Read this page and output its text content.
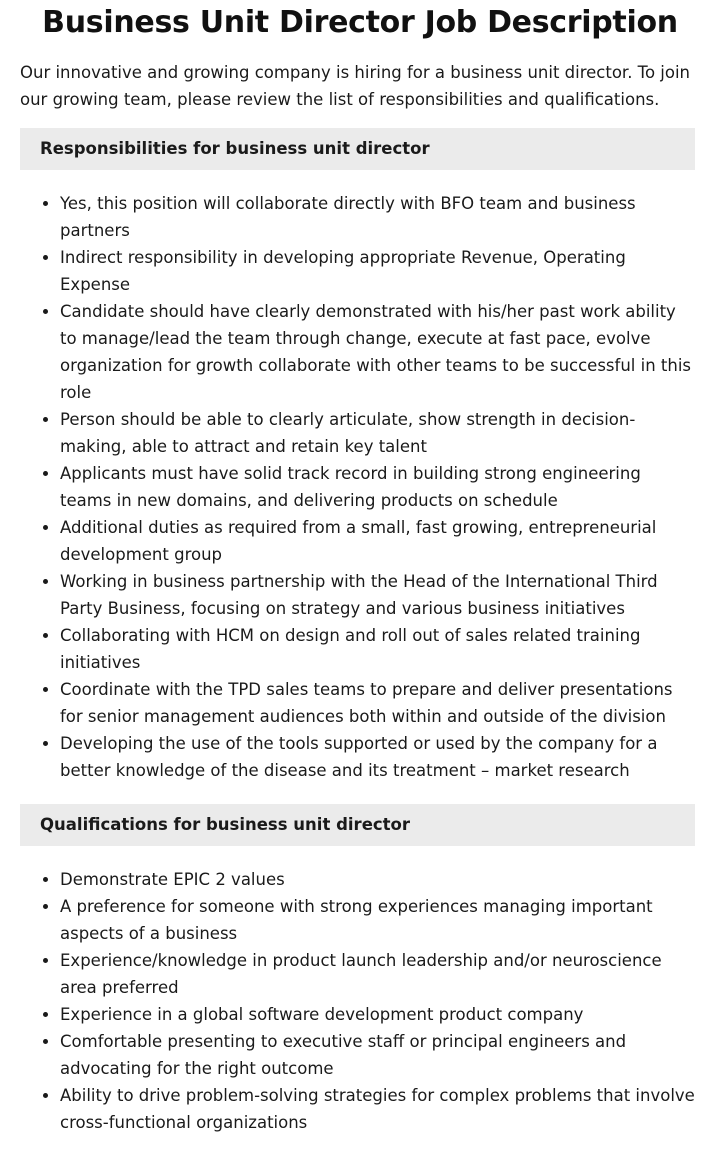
Business Unit Director Job Description

Our innovative and growing company is hiring for a business unit director. To join our growing team, please review the list of responsibilities and qualifications.

Responsibilities for business unit director
• Yes, this position will collaborate directly with BFO team and business partners
• Indirect responsibility in developing appropriate Revenue, Operating Expense
• Candidate should have clearly demonstrated with his/her past work ability to manage/lead the team through change, execute at fast pace, evolve organization for growth collaborate with other teams to be successful in this role
• Person should be able to clearly articulate, show strength in decision-making, able to attract and retain key talent
• Applicants must have solid track record in building strong engineering teams in new domains, and delivering products on schedule
• Additional duties as required from a small, fast growing, entrepreneurial development group
• Working in business partnership with the Head of the International Third Party Business, focusing on strategy and various business initiatives
• Collaborating with HCM on design and roll out of sales related training initiatives
• Coordinate with the TPD sales teams to prepare and deliver presentations for senior management audiences both within and outside of the division
• Developing the use of the tools supported or used by the company for a better knowledge of the disease and its treatment – market research
Qualifications for business unit director
• Demonstrate EPIC 2 values
• A preference for someone with strong experiences managing important aspects of a business
• Experience/knowledge in product launch leadership and/or neuroscience area preferred
• Experience in a global software development product company
• Comfortable presenting to executive staff or principal engineers and advocating for the right outcome
• Ability to drive problem-solving strategies for complex problems that involve cross-functional organizations
